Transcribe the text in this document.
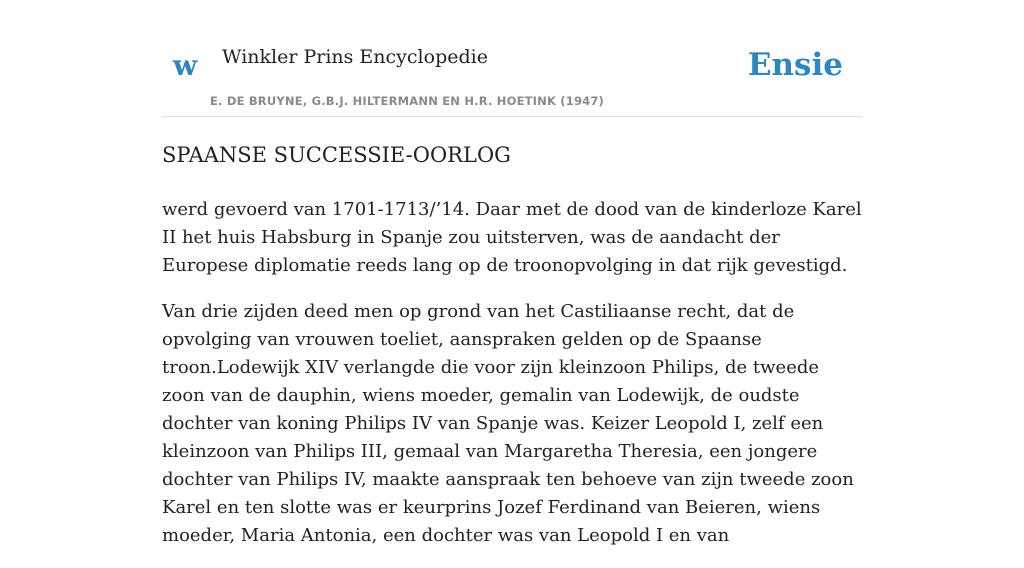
w Winkler Prins Encyclopedie
E. DE BRUYNE, G.B.J. HILTERMANN EN H.R. HOETINK (1947)
Ensie
SPAANSE SUCCESSIE-OORLOG

werd gevoerd van 1701-1713/’14. Daar met de dood van de kinderloze Karel II het huis Habsburg in Spanje zou uitsterven, was de aandacht der Europese diplomatie reeds lang op de troonopvolging in dat rijk gevestigd.

Van drie zijden deed men op grond van het Castiliaanse recht, dat de opvolging van vrouwen toeliet, aanspraken gelden op de Spaanse troon.Lodewijk XIV verlangde die voor zijn kleinzoon Philips, de tweede zoon van de dauphin, wiens moeder, gemalin van Lodewijk, de oudste dochter van koning Philips IV van Spanje was. Keizer Leopold I, zelf een kleinzoon van Philips III, gemaal van Margaretha Theresia, een jongere dochter van Philips IV, maakte aanspraak ten behoeve van zijn tweede zoon Karel en ten slotte was er keurprins Jozef Ferdinand van Beieren, wiens moeder, Maria Antonia, een dochter was van Leopold I en van
